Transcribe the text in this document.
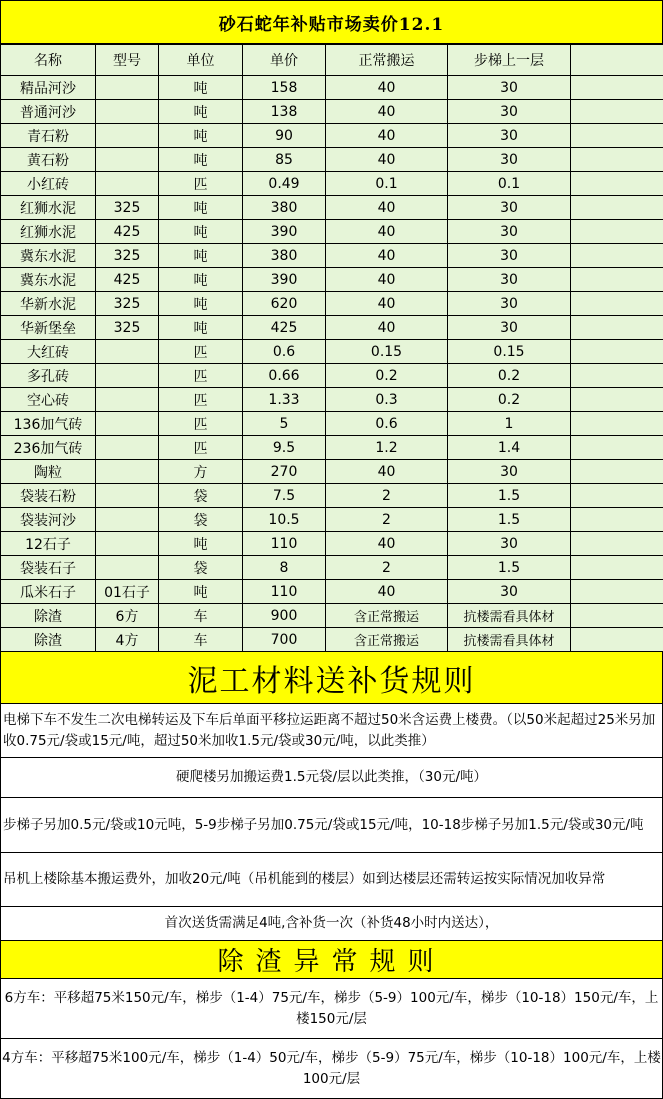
砂石蛇年补贴市场卖价12.1
名称	型号	单位	单价	正常搬运	步梯上一层	
精品河沙		吨	158	40	30	
普通河沙		吨	138	40	30	
青石粉		吨	90	40	30	
黄石粉		吨	85	40	30	
小红砖		匹	0.49	0.1	0.1	
红狮水泥	325	吨	380	40	30	
红狮水泥	425	吨	390	40	30	
冀东水泥	325	吨	380	40	30	
冀东水泥	425	吨	390	40	30	
华新水泥	325	吨	620	40	30	
华新堡垒	325	吨	425	40	30	
大红砖		匹	0.6	0.15	0.15	
多孔砖		匹	0.66	0.2	0.2	
空心砖		匹	1.33	0.3	0.2	
136加气砖		匹	5	0.6	1	
236加气砖		匹	9.5	1.2	1.4	
陶粒		方	270	40	30	
袋装石粉		袋	7.5	2	1.5	
袋装河沙		袋	10.5	2	1.5	
12石子		吨	110	40	30	
袋装石子		袋	8	2	1.5	
瓜米石子	01石子	吨	110	40	30	
除渣	6方	车	900	含正常搬运	抗楼需看具体材	
除渣	4方	车	700	含正常搬运	抗楼需看具体材	
泥工材料送补货规则
电梯下车不发生二次电梯转运及下车后单面平移拉运距离不超过50米含运费上楼费。（以50米起超过25米另加收0.75元/袋或15元/吨，超过50米加收1.5元/袋或30元/吨，以此类推）
硬爬楼另加搬运费1.5元袋/层以此类推，（30元/吨）
步梯子另加0.5元/袋或10元吨，5-9步梯子另加0.75元/袋或15元/吨，10-18步梯子另加1.5元/袋或30元/吨
吊机上楼除基本搬运费外，加收20元/吨（吊机能到的楼层）如到达楼层还需转运按实际情况加收异常
首次送货需满足4吨,含补货一次（补货48小时内送达），
除渣异常规则
6方车：平移超75米150元/车，梯步（1-4）75元/车，梯步（5-9）100元/车，梯步（10-18）150元/车，上楼150元/层
4方车：平移超75米100元/车，梯步（1-4）50元/车，梯步（5-9）75元/车，梯步（10-18）100元/车，上楼100元/层
